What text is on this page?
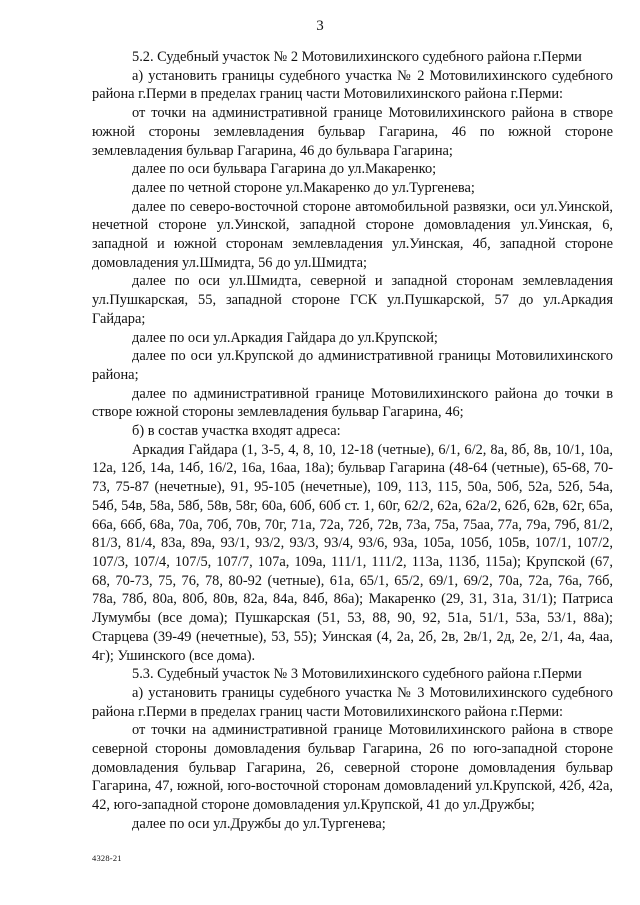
3

5.2. Судебный участок № 2 Мотовилихинского судебного района г.Перми

а) установить границы судебного участка № 2 Мотовилихинского судебного района г.Перми в пределах границ части Мотовилихинского района г.Перми:

от точки на административной границе Мотовилихинского района в створе южной стороны землевладения бульвар Гагарина, 46 по южной стороне землевладения бульвар Гагарина, 46 до бульвара Гагарина;

далее по оси бульвара Гагарина до ул.Макаренко;

далее по четной стороне ул.Макаренко до ул.Тургенева;

далее по северо-восточной стороне автомобильной развязки, оси ул.Уинской, нечетной стороне ул.Уинской, западной стороне домовладения ул.Уинская, 6, западной и южной сторонам землевладения ул.Уинская, 4б, западной стороне домовладения ул.Шмидта, 56 до ул.Шмидта;

далее по оси ул.Шмидта, северной и западной сторонам землевладения ул.Пушкарская, 55, западной стороне ГСК ул.Пушкарской, 57 до ул.Аркадия Гайдара;

далее по оси ул.Аркадия Гайдара до ул.Крупской;

далее по оси ул.Крупской до административной границы Мотовилихинского района;

далее по административной границе Мотовилихинского района до точки в створе южной стороны землевладения бульвар Гагарина, 46;

б) в состав участка входят адреса:

Аркадия Гайдара (1, 3-5, 4, 8, 10, 12-18 (четные), 6/1, 6/2, 8а, 8б, 8в, 10/1, 10а, 12а, 12б, 14а, 14б, 16/2, 16а, 16аа, 18а); бульвар Гагарина (48-64 (четные), 65-68, 70-73, 75-87 (нечетные), 91, 95-105 (нечетные), 109, 113, 115, 50а, 50б, 52а, 52б, 54а, 54б, 54в, 58а, 58б, 58в, 58г, 60а, 60б, 60б ст. 1, 60г, 62/2, 62а, 62а/2, 62б, 62в, 62г, 65а, 66а, 66б, 68а, 70а, 70б, 70в, 70г, 71а, 72а, 72б, 72в, 73а, 75а, 75аа, 77а, 79а, 79б, 81/2, 81/3, 81/4, 83а, 89а, 93/1, 93/2, 93/3, 93/4, 93/6, 93а, 105а, 105б, 105в, 107/1, 107/2, 107/3, 107/4, 107/5, 107/7, 107а, 109а, 111/1, 111/2, 113а, 113б, 115а); Крупской (67, 68, 70-73, 75, 76, 78, 80-92 (четные), 61а, 65/1, 65/2, 69/1, 69/2, 70а, 72а, 76а, 76б, 78а, 78б, 80а, 80б, 80в, 82а, 84а, 84б, 86а); Макаренко (29, 31, 31а, 31/1); Патриса Лумумбы (все дома); Пушкарская (51, 53, 88, 90, 92, 51а, 51/1, 53а, 53/1, 88а); Старцева (39-49 (нечетные), 53, 55); Уинская (4, 2а, 2б, 2в, 2в/1, 2д, 2е, 2/1, 4а, 4аа, 4г); Ушинского (все дома).

5.3. Судебный участок № 3 Мотовилихинского судебного района г.Перми

а) установить границы судебного участка № 3 Мотовилихинского судебного района г.Перми в пределах границ части Мотовилихинского района г.Перми:

от точки на административной границе Мотовилихинского района в створе северной стороны домовладения бульвар Гагарина, 26 по юго-западной стороне домовладения бульвар Гагарина, 26, северной стороне домовладения бульвар Гагарина, 47, южной, юго-восточной сторонам домовладений ул.Крупской, 42б, 42а, 42, юго-западной стороне домовладения ул.Крупской, 41 до ул.Дружбы;

далее по оси ул.Дружбы до ул.Тургенева;

4328-21
